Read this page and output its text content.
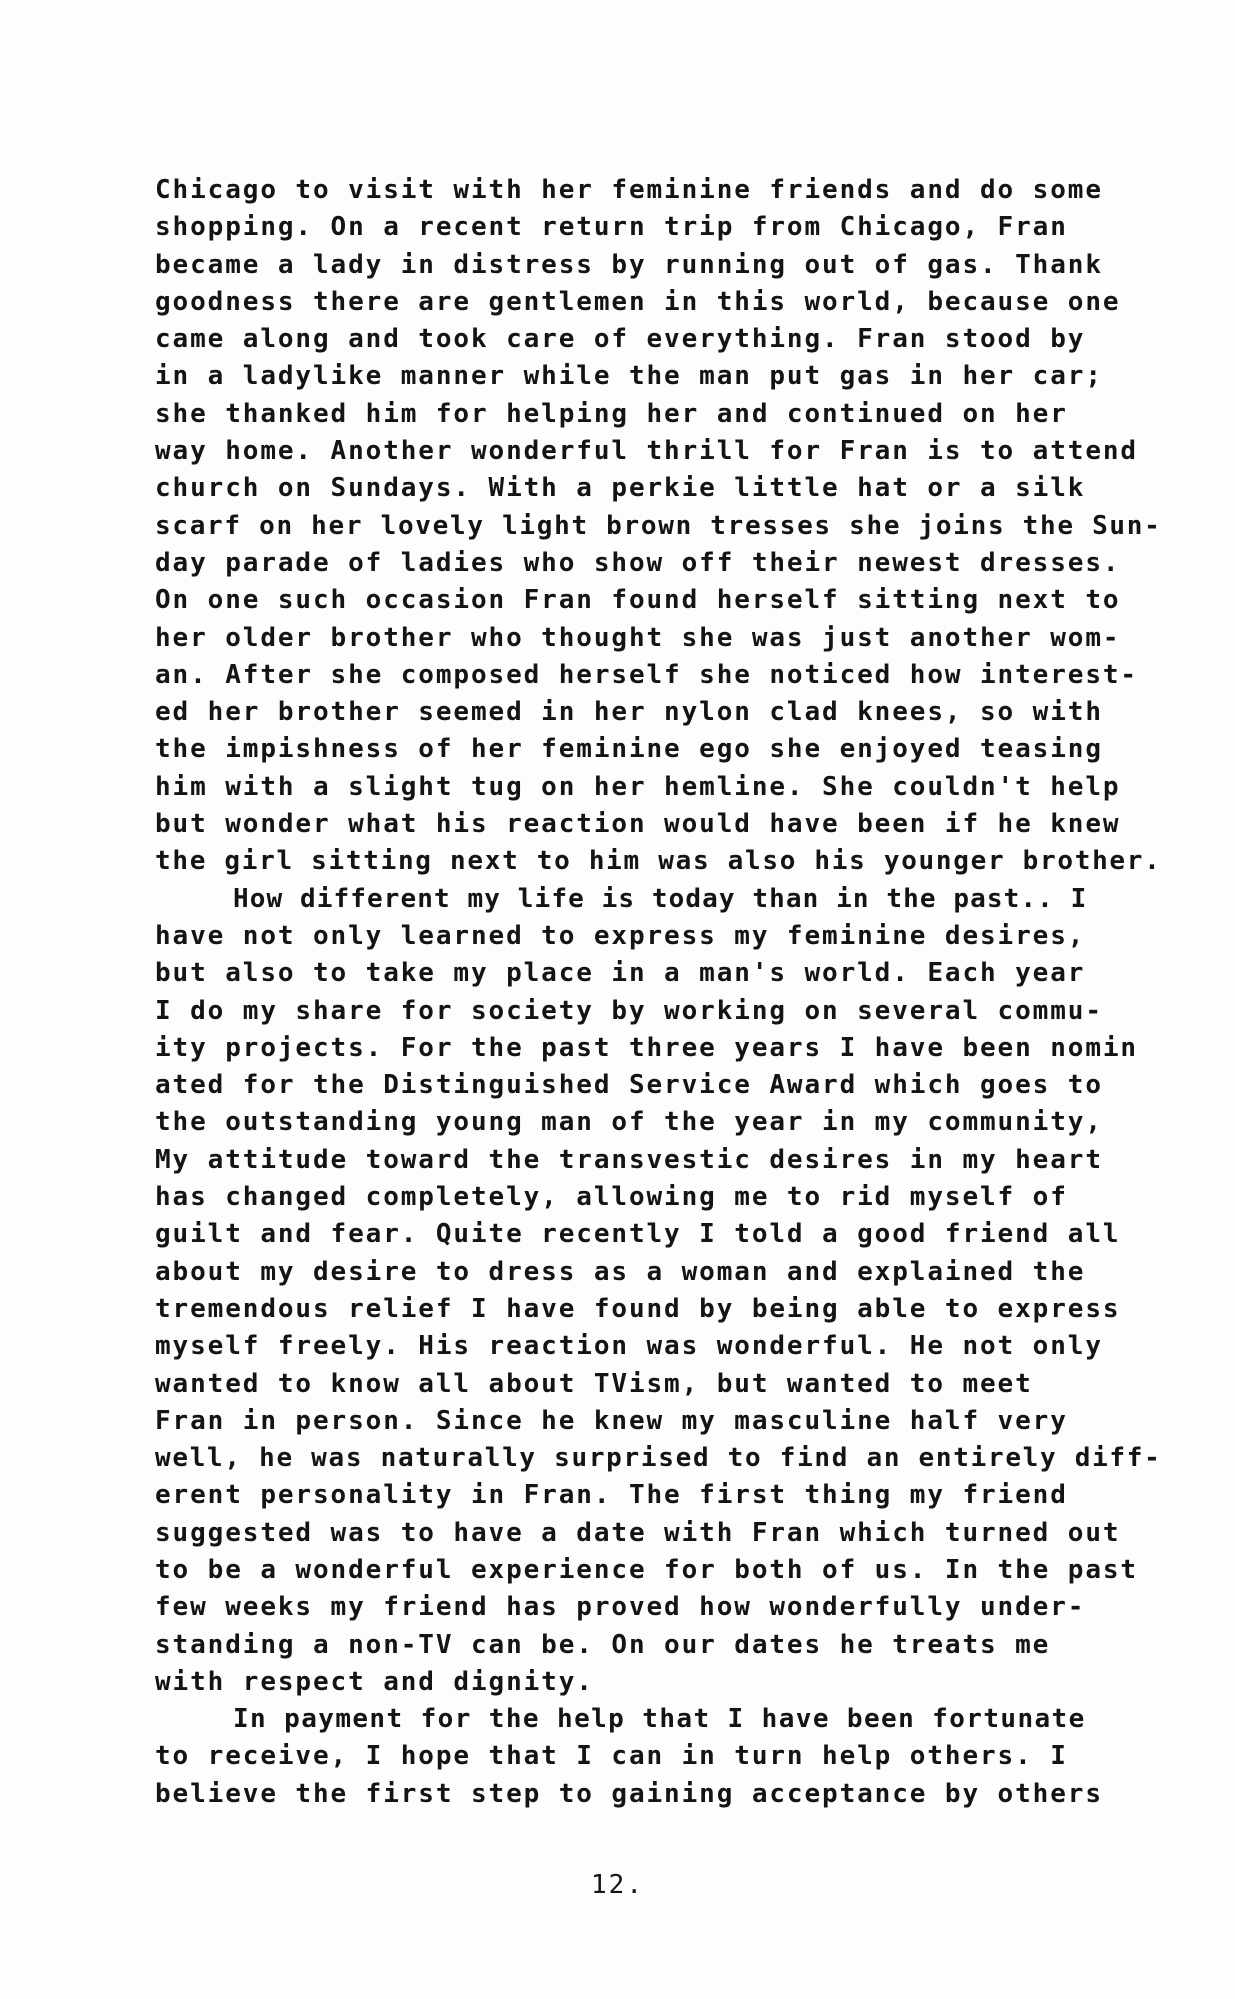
Chicago to visit with her feminine friends and do some
shopping. On a recent return trip from Chicago, Fran
became a lady in distress by running out of gas. Thank
goodness there are gentlemen in this world, because one
came along and took care of everything. Fran stood by
in a ladylike manner while the man put gas in her car;
she thanked him for helping her and continued on her
way home. Another wonderful thrill for Fran is to attend
church on Sundays. With a perkie little hat or a silk
scarf on her lovely light brown tresses she joins the Sun-
day parade of ladies who show off their newest dresses.
On one such occasion Fran found herself sitting next to
her older brother who thought she was just another wom-
an. After she composed herself she noticed how interest-
ed her brother seemed in her nylon clad knees, so with
the impishness of her feminine ego she enjoyed teasing
him with a slight tug on her hemline. She couldn't help
but wonder what his reaction would have been if he knew
the girl sitting next to him was also his younger brother.
How different my life is today than in the past.. I
have not only learned to express my feminine desires,
but also to take my place in a man's world. Each year
I do my share for society by working on several commu-
ity projects. For the past three years I have been nomin
ated for the Distinguished Service Award which goes to
the outstanding young man of the year in my community,
My attitude toward the transvestic desires in my heart
has changed completely, allowing me to rid myself of
guilt and fear. Quite recently I told a good friend all
about my desire to dress as a woman and explained the
tremendous relief I have found by being able to express
myself freely. His reaction was wonderful. He not only
wanted to know all about TVism, but wanted to meet
Fran in person. Since he knew my masculine half very
well, he was naturally surprised to find an entirely diff-
erent personality in Fran. The first thing my friend
suggested was to have a date with Fran which turned out
to be a wonderful experience for both of us. In the past
few weeks my friend has proved how wonderfully under-
standing a non-TV can be. On our dates he treats me
with respect and dignity.
In payment for the help that I have been fortunate
to receive, I hope that I can in turn help others. I
believe the first step to gaining acceptance by others
12.
